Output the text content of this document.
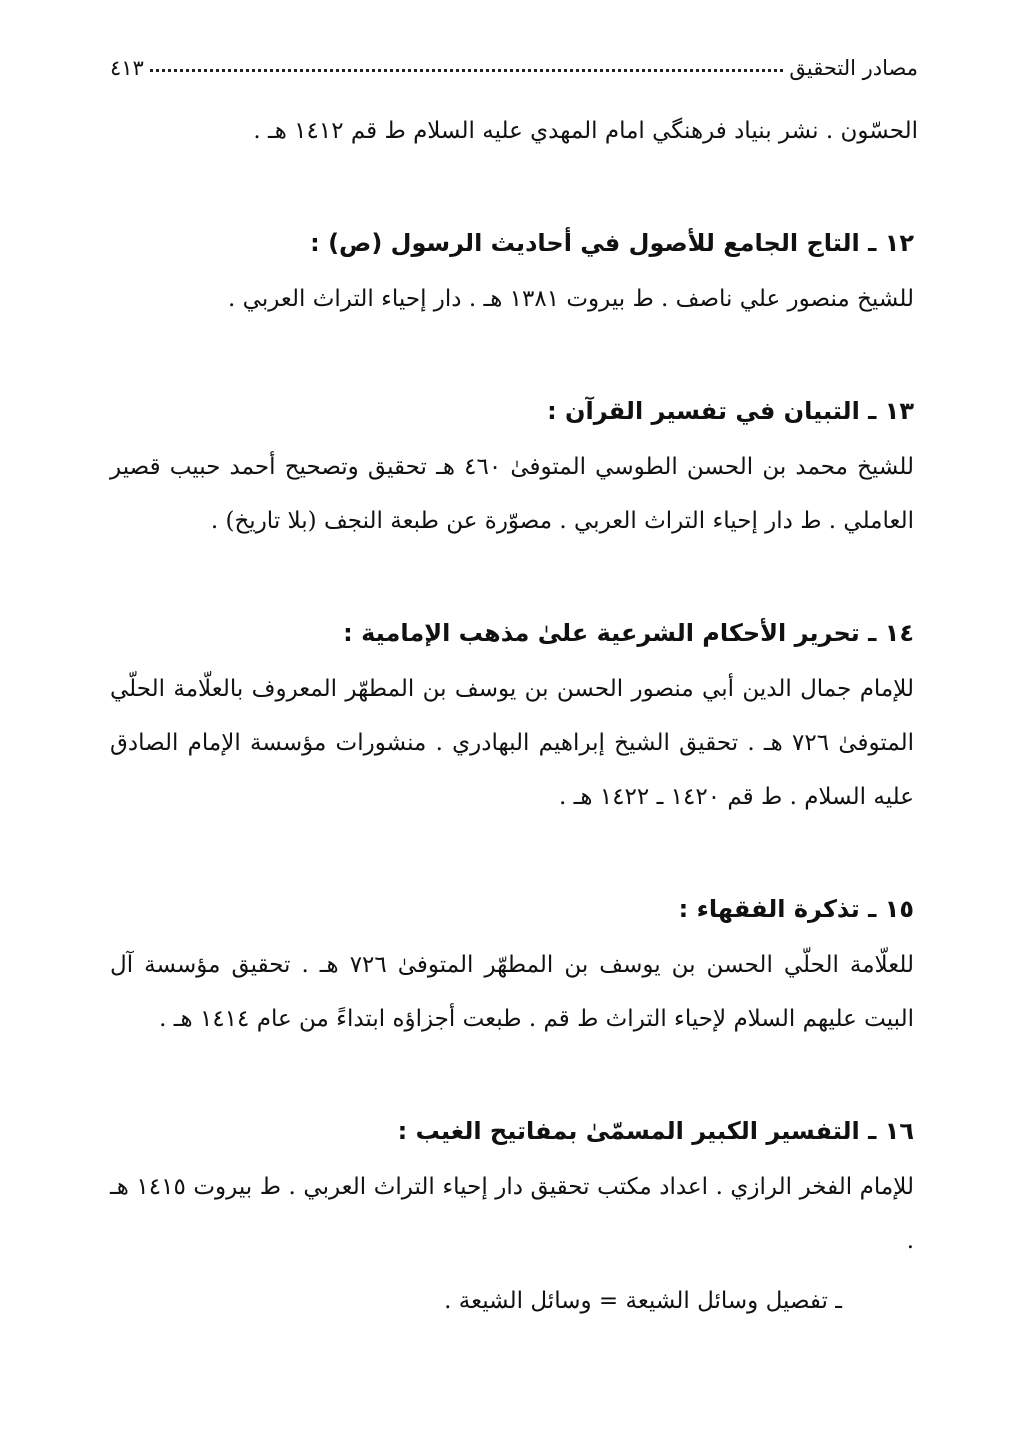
مصادر التحقيق
٤١٣

الحسّون . نشر بنياد فرهنگي امام المهدي عليه السلام ط قم ١٤١٢ هـ .

١٢ ـ التاج الجامع للأصول في أحاديث الرسول (ص) :

للشيخ منصور علي ناصف . ط بيروت ١٣٨١ هـ . دار إحياء التراث العربي .

١٣ ـ التبيان في تفسير القرآن :

للشيخ محمد بن الحسن الطوسي المتوفىٰ ٤٦٠ هـ تحقيق وتصحيح أحمد حبيب قصير العاملي . ط دار إحياء التراث العربي . مصوّرة عن طبعة النجف (بلا تاريخ) .

١٤ ـ تحرير الأحكام الشرعية علىٰ مذهب الإمامية :

للإمام جمال الدين أبي منصور الحسن بن يوسف بن المطهّر المعروف بالعلّامة الحلّي المتوفىٰ ٧٢٦ هـ . تحقيق الشيخ إبراهيم البهادري . منشورات مؤسسة الإمام الصادق عليه السلام . ط قم ١٤٢٠ ـ ١٤٢٢ هـ .

١٥ ـ تذكرة الفقهاء :

للعلّامة الحلّي الحسن بن يوسف بن المطهّر المتوفىٰ ٧٢٦ هـ . تحقيق مؤسسة آل البيت عليهم السلام لإحياء التراث ط قم . طبعت أجزاؤه ابتداءً من عام ١٤١٤ هـ .

١٦ ـ التفسير الكبير المسمّىٰ بمفاتيح الغيب :

للإمام الفخر الرازي . اعداد مكتب تحقيق دار إحياء التراث العربي . ط بيروت ١٤١٥ هـ .

ـ تفصيل وسائل الشيعة = وسائل الشيعة .
